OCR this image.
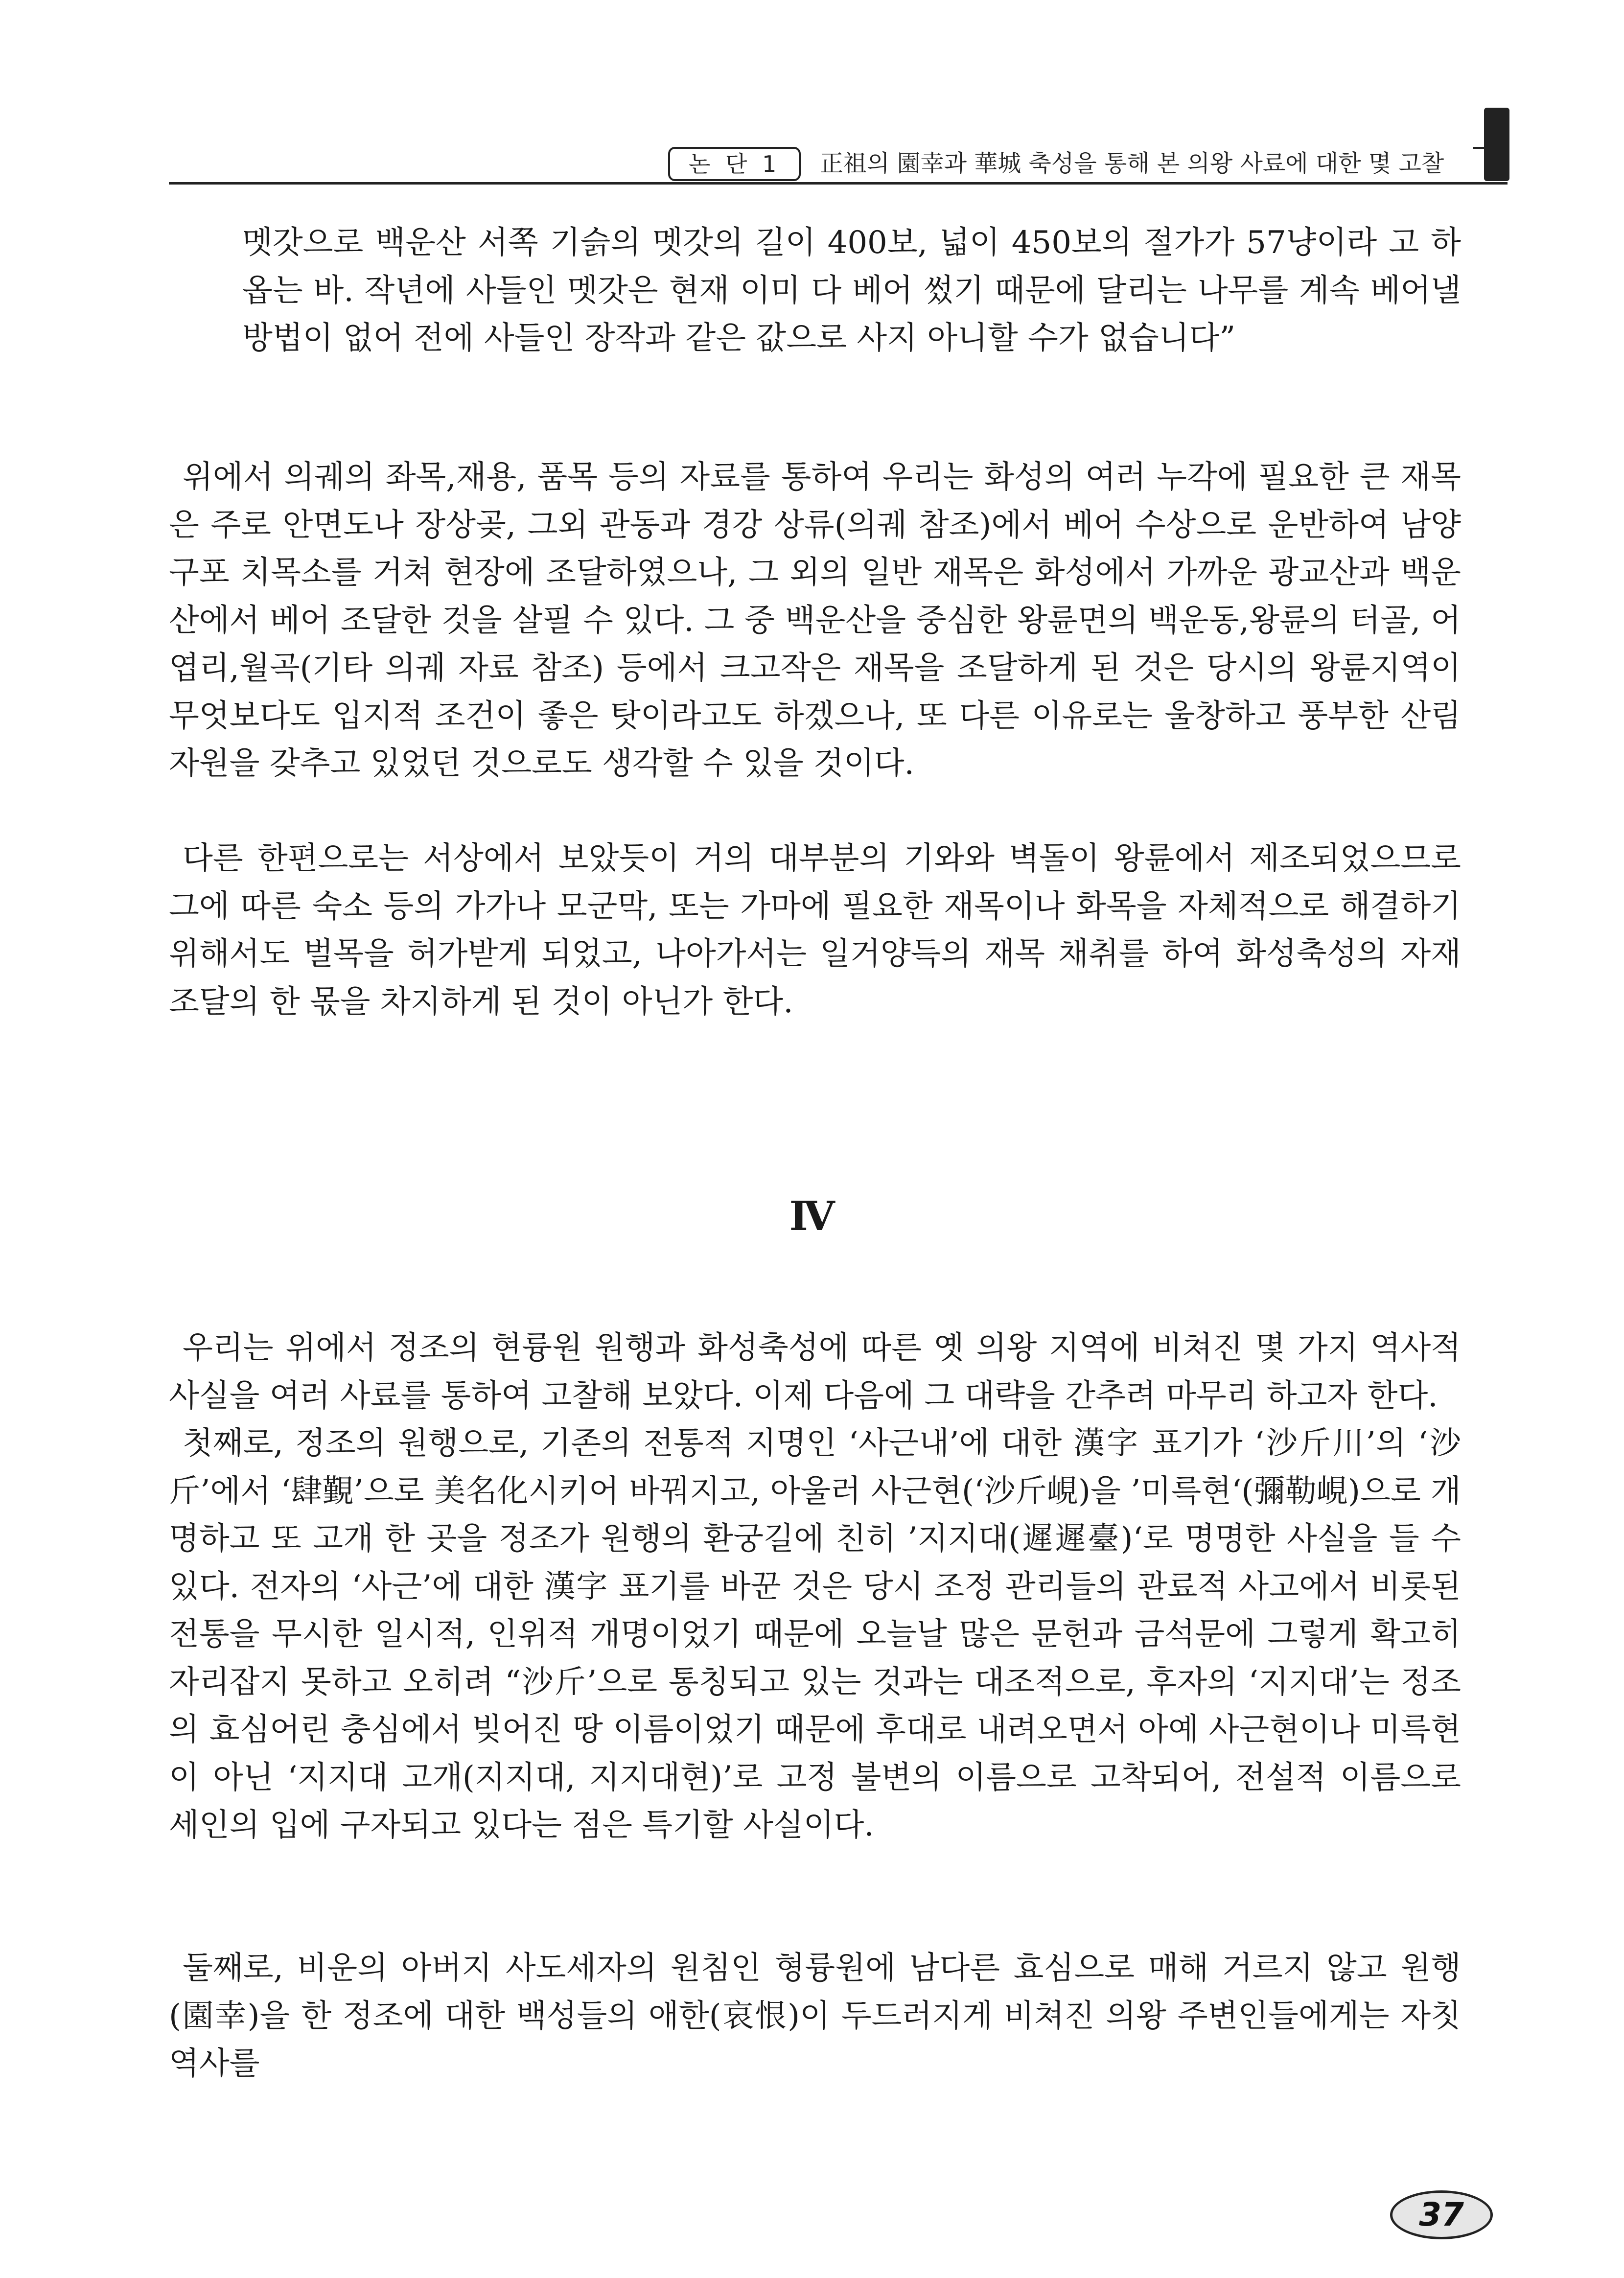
논 단 1	正祖의 園幸과 華城 축성을 통해 본 의왕 사료에 대한 몇 고찰

멧갓으로 백운산 서쪽 기슭의 멧갓의 길이 400보, 넓이 450보의 절가가 57냥이라 고 하옵는 바. 작년에 사들인 멧갓은 현재 이미 다 베어 썼기 때문에 달리는 나무를 계속 베어낼 방법이 없어 전에 사들인 장작과 같은 값으로 사지 아니할 수가 없습니다”

위에서 의궤의 좌목,재용, 품목 등의 자료를 통하여 우리는 화성의 여러 누각에 필요한 큰 재목은 주로 안면도나 장상곶, 그외 관동과 경강 상류(의궤 참조)에서 베어 수상으로 운반하여 남양 구포 치목소를 거쳐 현장에 조달하였으나, 그 외의 일반 재목은 화성에서 가까운 광교산과 백운산에서 베어 조달한 것을 살필 수 있다. 그 중 백운산을 중심한 왕륜면의 백운동,왕륜의 터골, 어엽리,월곡(기타 의궤 자료 참조) 등에서 크고작은 재목을 조달하게 된 것은 당시의 왕륜지역이 무엇보다도 입지적 조건이 좋은 탓이라고도 하겠으나, 또 다른 이유로는 울창하고 풍부한 산림자원을 갖추고 있었던 것으로도 생각할 수 있을 것이다.

다른 한편으로는 서상에서 보았듯이 거의 대부분의 기와와 벽돌이 왕륜에서 제조되었으므로 그에 따른 숙소 등의 가가나 모군막, 또는 가마에 필요한 재목이나 화목을 자체적으로 해결하기 위해서도 벌목을 허가받게 되었고, 나아가서는 일거양득의 재목 채취를 하여 화성축성의 자재 조달의 한 몫을 차지하게 된 것이 아닌가 한다.

Ⅳ

우리는 위에서 정조의 현륭원 원행과 화성축성에 따른 옛 의왕 지역에 비쳐진 몇 가지 역사적 사실을 여러 사료를 통하여 고찰해 보았다. 이제 다음에 그 대략을 간추려 마무리 하고자 한다.

첫째로, 정조의 원행으로, 기존의 전통적 지명인 ‘사근내’에 대한 漢字 표기가 ‘沙斤川’의 ‘沙斤’에서 ‘肆覲’으로 美名化시키어 바꿔지고, 아울러 사근현(‘沙斤峴)을 ’미륵현‘(彌勒峴)으로 개명하고 또 고개 한 곳을 정조가 원행의 환궁길에 친히 ’지지대(遲遲臺)‘로 명명한 사실을 들 수 있다. 전자의 ‘사근’에 대한 漢字 표기를 바꾼 것은 당시 조정 관리들의 관료적 사고에서 비롯된 전통을 무시한 일시적, 인위적 개명이었기 때문에 오늘날 많은 문헌과 금석문에 그렇게 확고히 자리잡지 못하고 오히려 “沙斤’으로 통칭되고 있는 것과는 대조적으로, 후자의 ‘지지대’는 정조의 효심어린 충심에서 빚어진 땅 이름이었기 때문에 후대로 내려오면서 아예 사근현이나 미륵현이 아닌 ‘지지대 고개(지지대, 지지대현)’로 고정 불변의 이름으로 고착되어, 전설적 이름으로 세인의 입에 구자되고 있다는 점은 특기할 사실이다.

둘째로, 비운의 아버지 사도세자의 원침인 형륭원에 남다른 효심으로 매해 거르지 않고 원행(園幸)을 한 정조에 대한 백성들의 애한(哀恨)이 두드러지게 비쳐진 의왕 주변인들에게는 자칫 역사를

37
